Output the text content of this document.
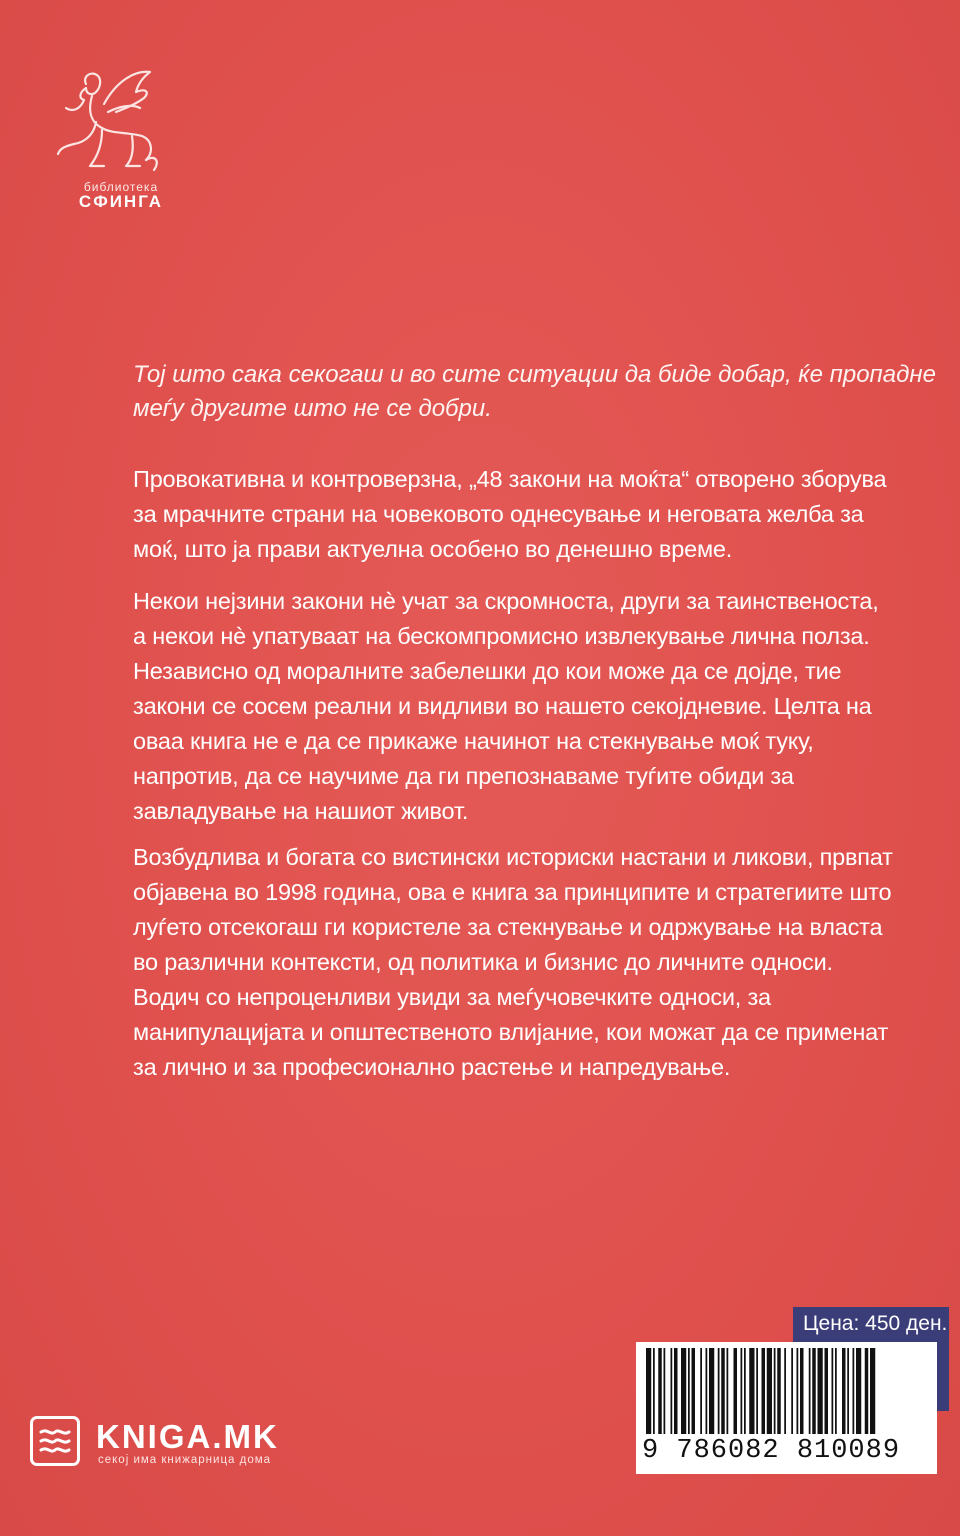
библиотека
СФИНГА

Тој што сака секогаш и во сите ситуации да биде добар, ќе пропадне
меѓу другите што не се добри.

Провокативна и контроверзна, „48 закони на моќта“ отворено зборува
за мрачните страни на човековото однесување и неговата желба за
моќ, што ја прави актуелна особено во денешно време.

Некои нејзини закони нè учат за скромноста, други за таинственоста,
а некои нè упатуваат на бескомпромисно извлекување лична полза.
Независно од моралните забелешки до кои може да се дојде, тие
закони се сосем реални и видливи во нашето секојдневие. Целта на
оваа книга не е да се прикаже начинот на стекнување моќ туку,
напротив, да се научиме да ги препознаваме туѓите обиди за
завладување на нашиот живот.

Возбудлива и богата со вистински историски настани и ликови, првпат
објавена во 1998 година, ова е книга за принципите и стратегиите што
луѓето отсекогаш ги користеле за стекнување и одржување на власта
во различни контексти, од политика и бизнис до личните односи.
Водич со непроценливи увиди за меѓучовечките односи, за
манипулацијата и општественото влијание, кои можат да се применат
за лично и за професионално растење и напредување.

Цена: 450 ден.
9 786082 810089
KNIGA.MK
секој има книжарница дома
